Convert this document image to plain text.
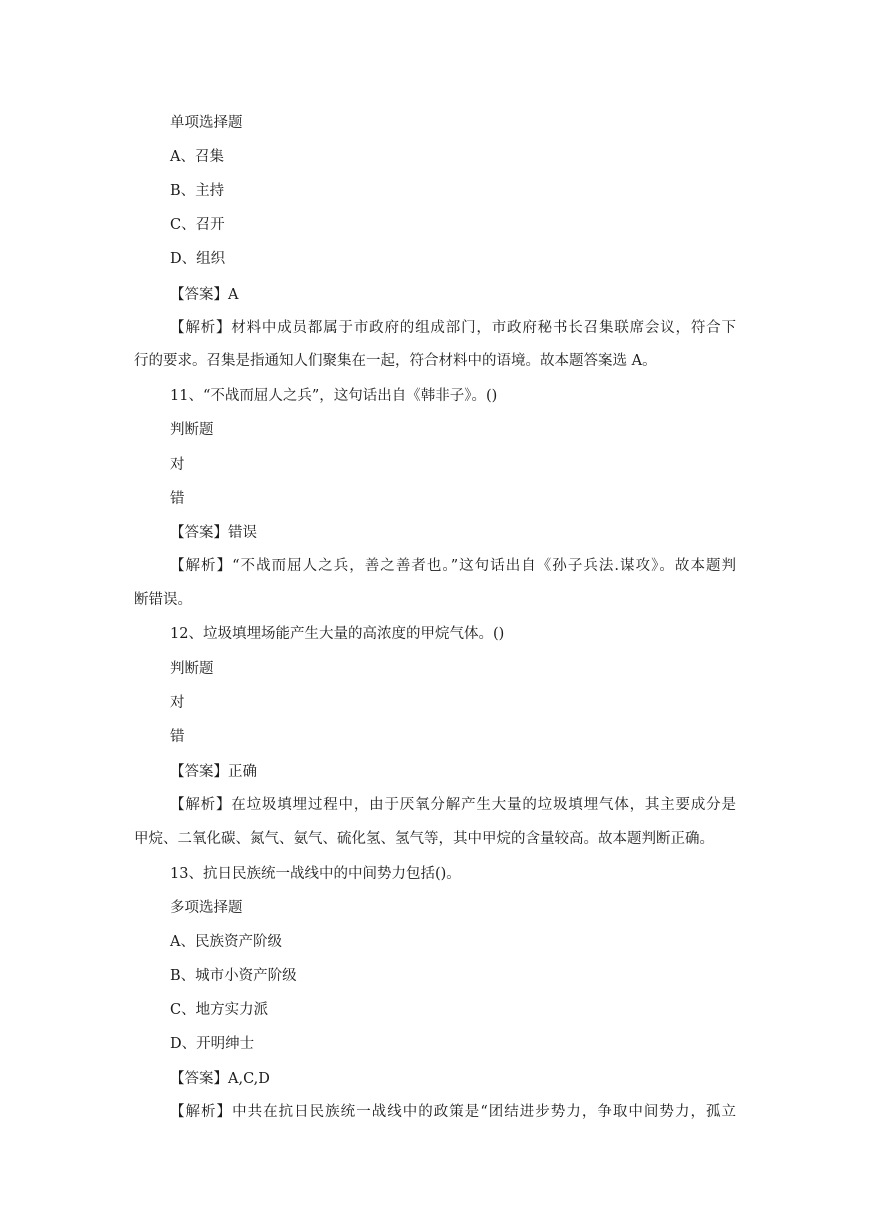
单项选择题
A、召集
B、主持
C、召开
D、组织
【答案】A
【解析】材料中成员都属于市政府的组成部门，市政府秘书长召集联席会议，符合下
行的要求。召集是指通知人们聚集在一起，符合材料中的语境。故本题答案选 A。
11、“不战而屈人之兵”，这句话出自《韩非子》。()
判断题
对
错
【答案】错误
【解析】“不战而屈人之兵，善之善者也。”这句话出自《孙子兵法.谋攻》。故本题判
断错误。
12、垃圾填埋场能产生大量的高浓度的甲烷气体。()
判断题
对
错
【答案】正确
【解析】在垃圾填埋过程中，由于厌氧分解产生大量的垃圾填埋气体，其主要成分是
甲烷、二氧化碳、氮气、氨气、硫化氢、氢气等，其中甲烷的含量较高。故本题判断正确。
13、抗日民族统一战线中的中间势力包括()。
多项选择题
A、民族资产阶级
B、城市小资产阶级
C、地方实力派
D、开明绅士
【答案】A,C,D
【解析】中共在抗日民族统一战线中的政策是“团结进步势力，争取中间势力，孤立
